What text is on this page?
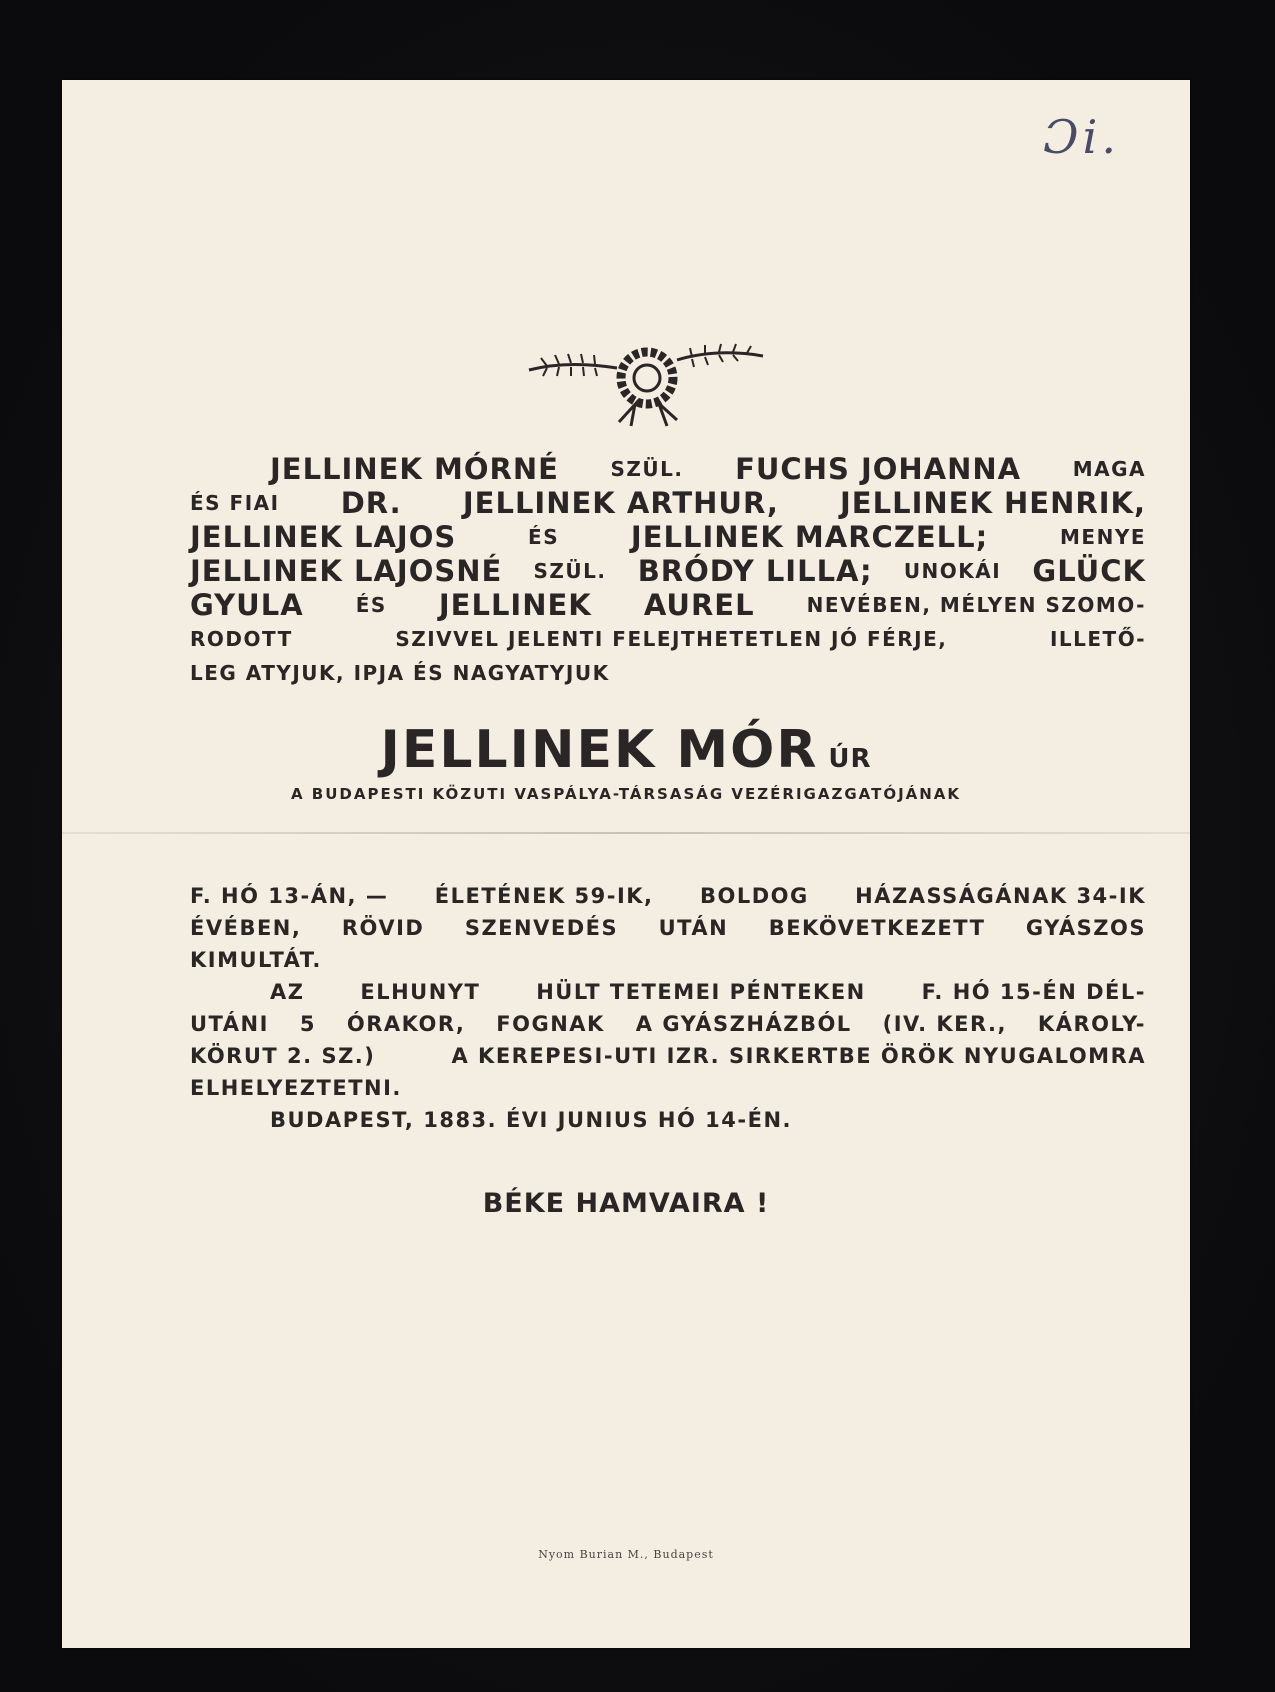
Ɔi.
JELLINEK MÓRNÉ	SZÜL. FUCHS JOHANNA	MAGA
ÉS FIAI DR. JELLINEK ARTHUR, JELLINEK HENRIK,
JELLINEK LAJOS	ÉS JELLINEK MARCZELL;	MENYE
JELLINEK LAJOSNÉ SZÜL. BRÓDY LILLA; UNOKÁI GLÜCK
GYULA	ÉS JELLINEK AUREL	NEVÉBEN, MÉLYEN SZOMO-
RODOTT	SZIVVEL JELENTI FELEJTHETETLEN JÓ FÉRJE,	ILLETŐ-
LEG ATYJUK, IPJA ÉS NAGYATYJUK
JELLINEK MÓR ÚR
A BUDAPESTI KÖZUTI VASPÁLYA-TÁRSASÁG VEZÉRIGAZGATÓJÁNAK
F. HÓ 13-ÁN, — ÉLETÉNEK 59-IK, BOLDOG HÁZASSÁGÁNAK 34-IK
ÉVÉBEN, RÖVID SZENVEDÉS UTÁN BEKÖVETKEZETT GYÁSZOS
KIMULTÁT.
AZ	ELHUNYT	HÜLT TETEMEI PÉNTEKEN	F. HÓ 15-ÉN DÉL-
UTÁNI 5 ÓRAKOR, FOGNAK A GYÁSZHÁZBÓL (IV. KER., KÁROLY-
KÖRUT 2. SZ.)	A KEREPESI-UTI IZR. SIRKERTBE ÖRÖK NYUGALOMRA
ELHELYEZTETNI.
BUDAPEST, 1883. ÉVI JUNIUS HÓ 14-ÉN.
BÉKE HAMVAIRA !
Nyom Burian M., Budapest
